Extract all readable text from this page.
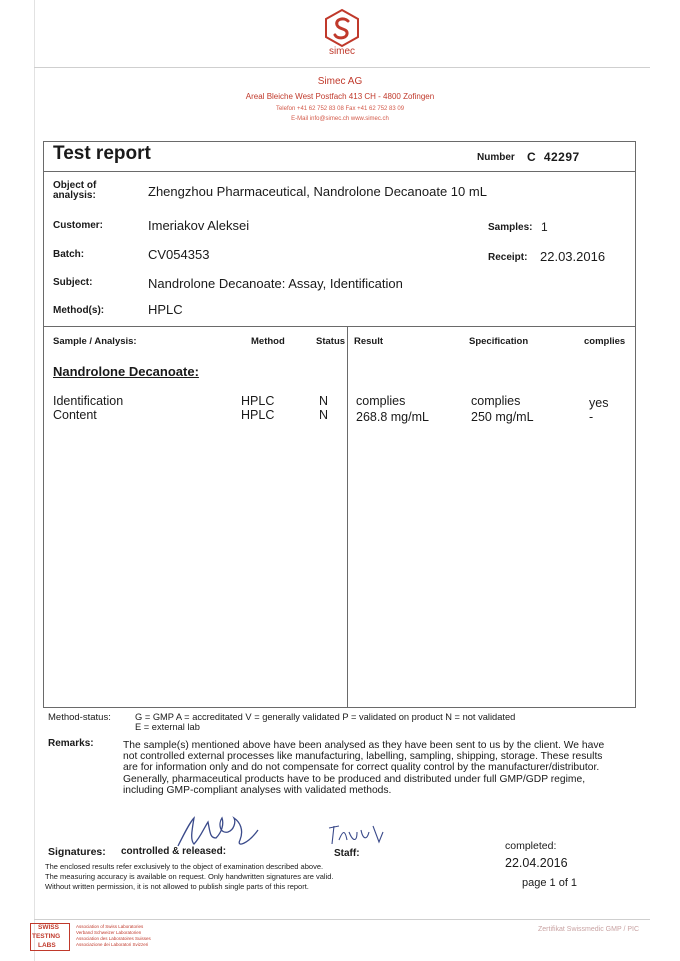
simec
Simec AG
Areal Bleiche West Postfach 413 CH - 4800 Zofingen
Telefon +41 62 752 83 08 Fax +41 62 752 83 09
E-Mail info@simec.ch www.simec.ch
Test report	Number C  42297
Object of analysis:	Zhengzhou Pharmaceutical, Nandrolone Decanoate 10 mL
Customer:	Imeriakov Aleksei	Samples: 1
Batch:	CV054353	Receipt: 22.03.2016
Subject:	Nandrolone Decanoate: Assay, Identification
Method(s):	HPLC
Sample / Analysis:	Method	Status Result	Specification	complies
Nandrolone Decanoate:
Identification	HPLC	N complies	complies	yes
Content	HPLC	N 268.8 mg/mL	250 mg/mL	-
Method-status:	G = GMP A = accreditated V = generally validated P = validated on product N = not validated
E = external lab
Remarks:	The sample(s) mentioned above have been analysed as they have been sent to us by the client. We have not controlled external processes like manufacturing, labelling, sampling, shipping, storage. These results are for information only and do not compensate for correct quality control by the manufacturer/distributor. Generally, pharmaceutical products have to be produced and distributed under full GMP/GDP regime, including GMP-compliant analyses with validated methods.
Signatures: controlled & released:	Staff:
completed:
22.04.2016
page 1 of 1
The enclosed results refer exclusively to the object of examination described above.
The measuring accuracy is available on request. Only handwritten signatures are valid.
Without written permission, it is not allowed to publish single parts of this report.
SWISS
TESTING
LABS
Association of Swiss Laboratories
Verband Schweizer Laboratorien
Association des Laboratoires Suisses
Associazione dei Laboratori Svizzeri
Zertifikat Swissmedic GMP / PIC
